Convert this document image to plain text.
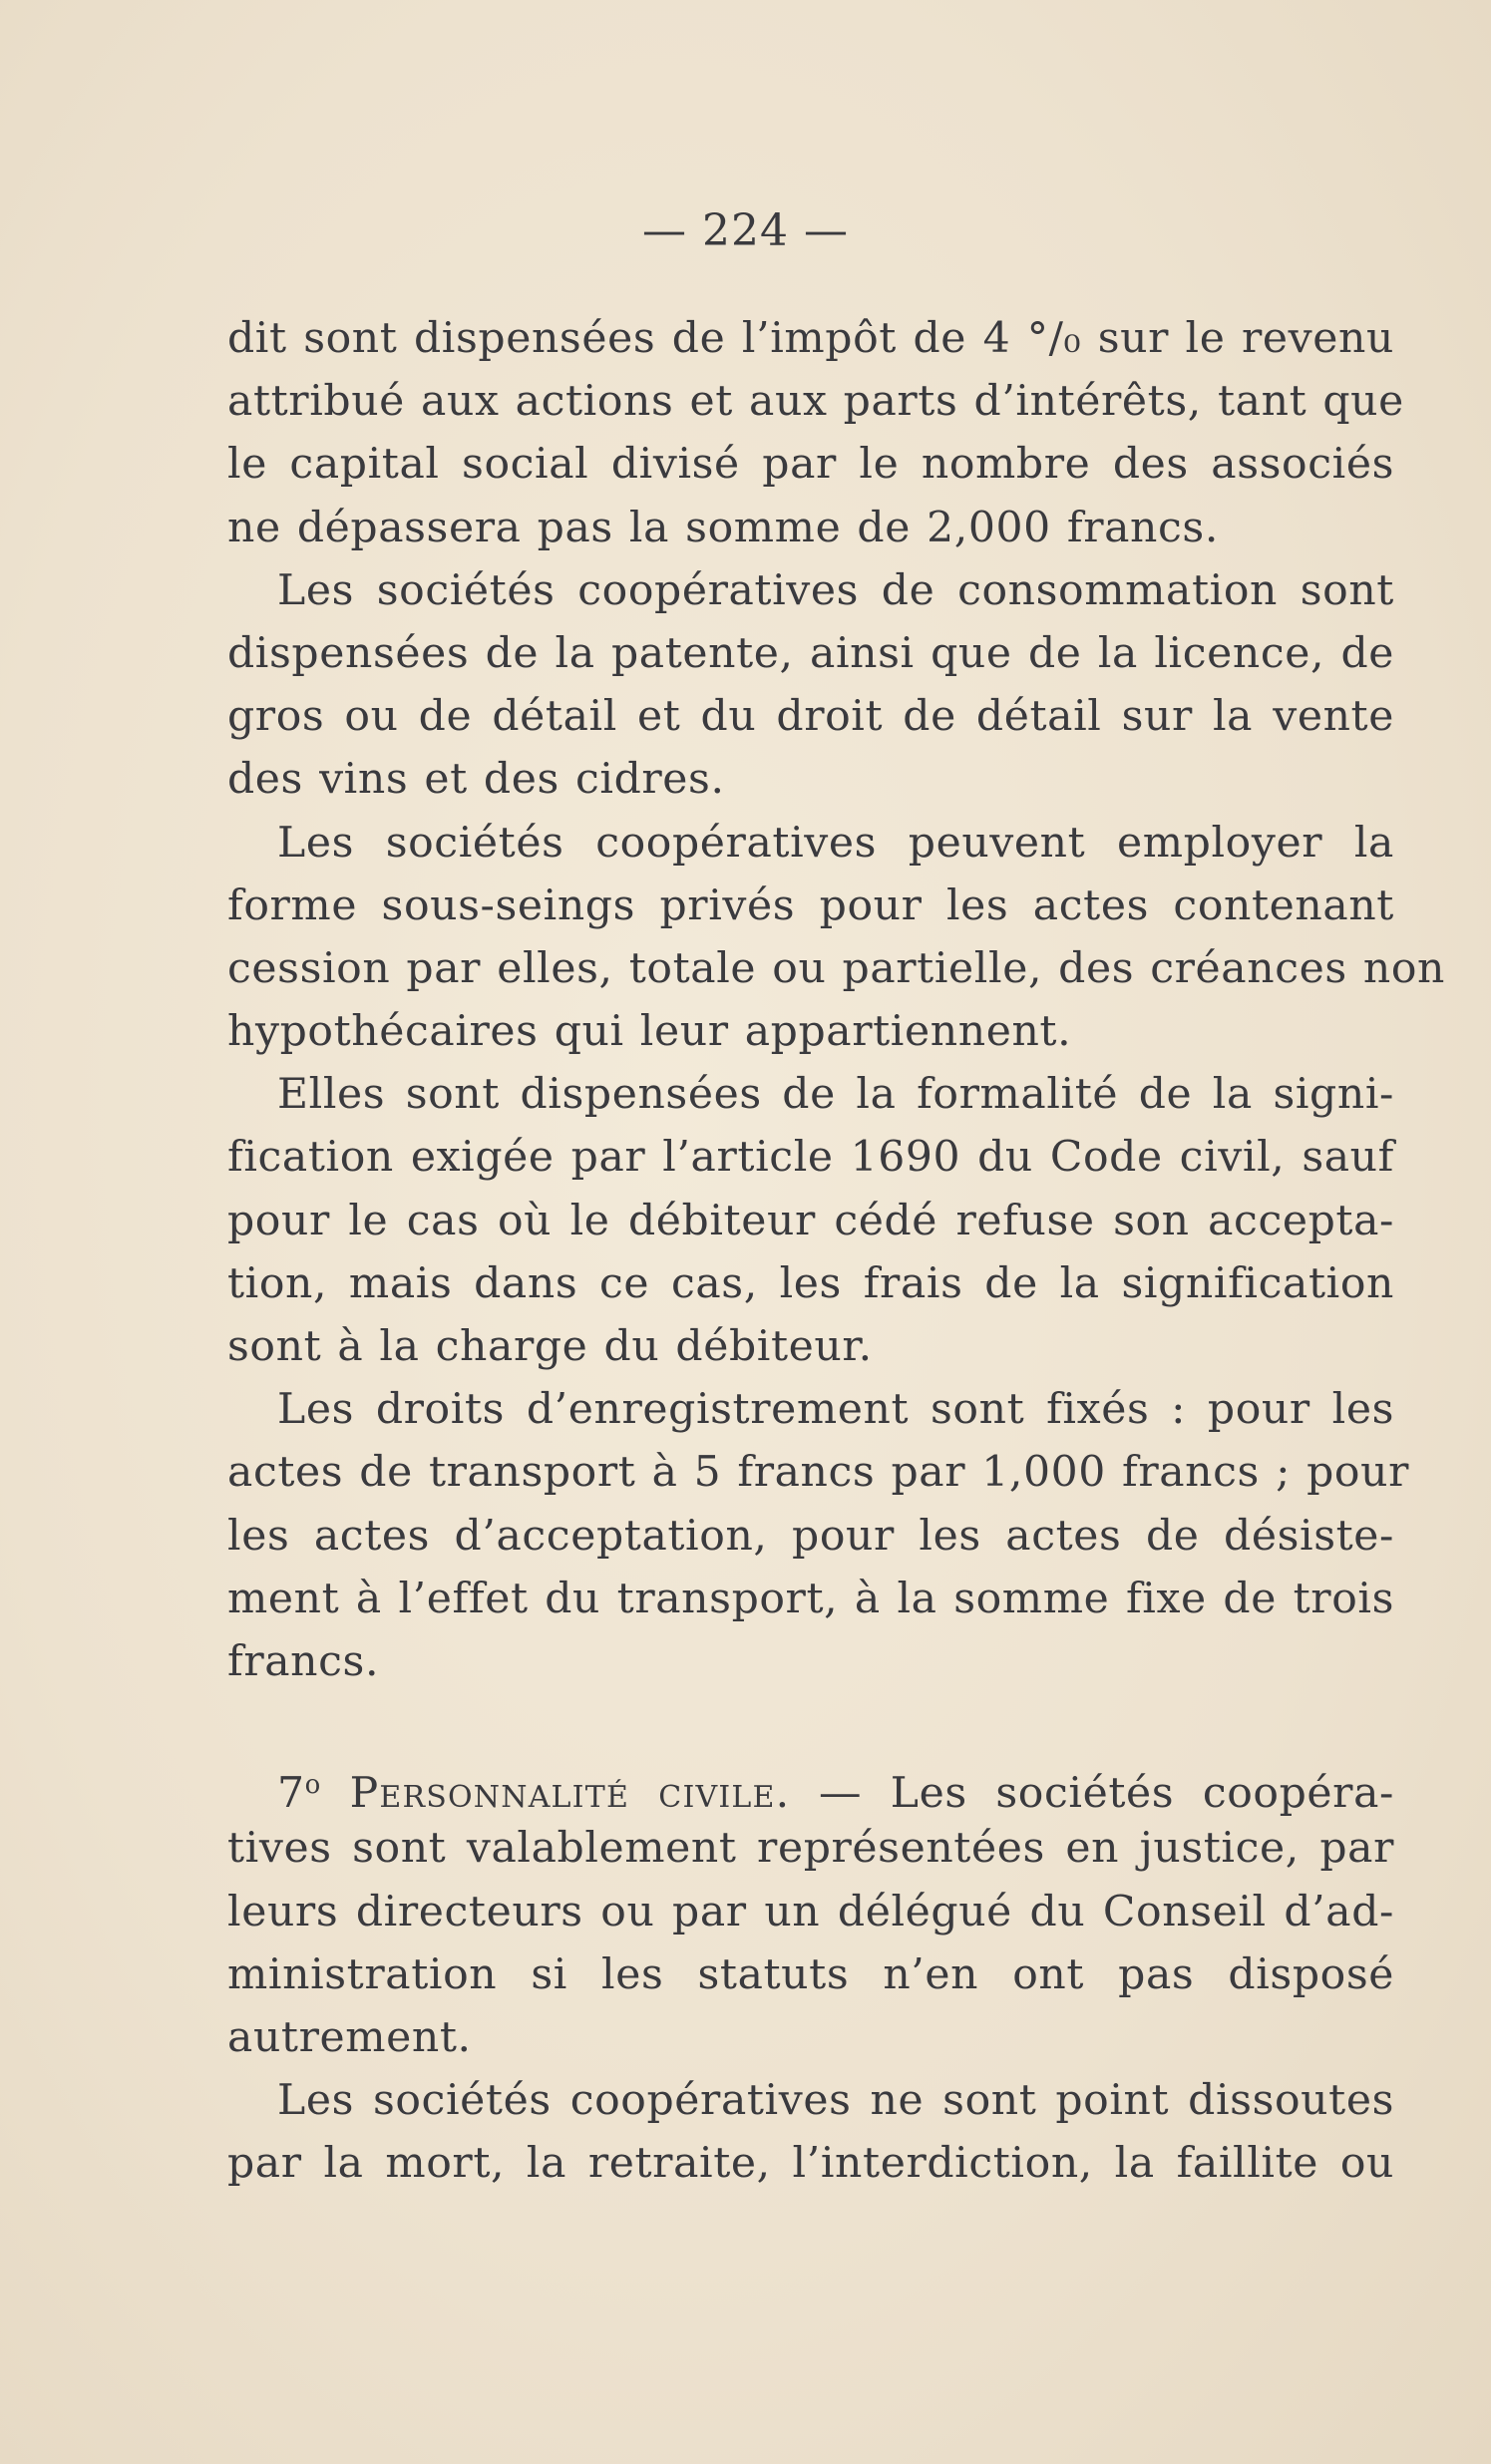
— 224 —
dit sont dispensées de l’impôt de 4 °/₀ sur le revenu
attribué aux actions et aux parts d’intérêts, tant que
le capital social divisé par le nombre des associés
ne dépassera pas la somme de 2,000 francs.
Les sociétés coopératives de consommation sont
dispensées de la patente, ainsi que de la licence, de
gros ou de détail et du droit de détail sur la vente
des vins et des cidres.
Les sociétés coopératives peuvent employer la
forme sous-seings privés pour les actes contenant
cession par elles, totale ou partielle, des créances non
hypothécaires qui leur appartiennent.
Elles sont dispensées de la formalité de la signi-
fication exigée par l’article 1690 du Code civil, sauf
pour le cas où le débiteur cédé refuse son accepta-
tion, mais dans ce cas, les frais de la signification
sont à la charge du débiteur.
Les droits d’enregistrement sont fixés : pour les
actes de transport à 5 francs par 1,000 francs ; pour
les actes d’acceptation, pour les actes de désiste-
ment à l’effet du transport, à la somme fixe de trois
francs.
7$^o$ Personnalité civile. — Les sociétés coopéra-
tives sont valablement représentées en justice, par
leurs directeurs ou par un délégué du Conseil d’ad-
ministration si les statuts n’en ont pas disposé
autrement.
Les sociétés coopératives ne sont point dissoutes
par la mort, la retraite, l’interdiction, la faillite ou
